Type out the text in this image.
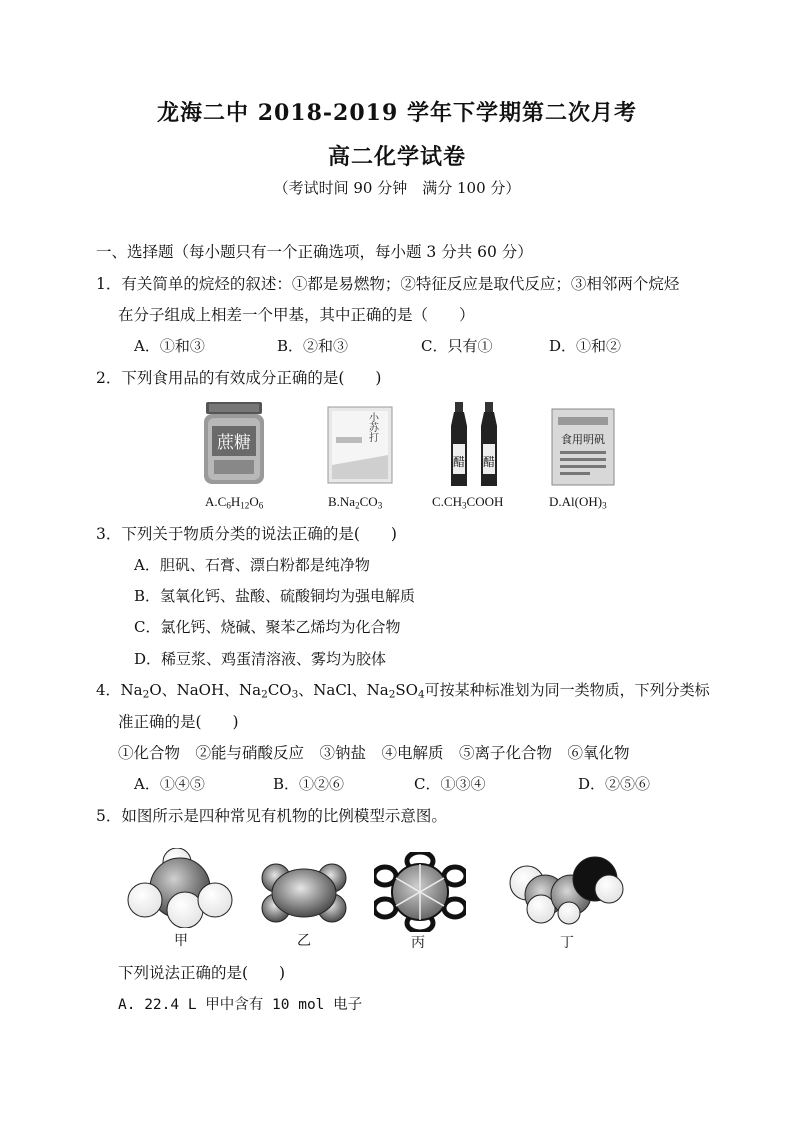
龙海二中 2018-2019 学年下学期第二次月考
高二化学试卷
（考试时间 90 分钟　满分 100 分）
一、选择题（每小题只有一个正确选项，每小题 3 分共 60 分）
1．有关简单的烷烃的叙述：①都是易燃物；②特征反应是取代反应；③相邻两个烷烃
在分子组成上相差一个甲基，其中正确的是（　　）
A．①和③	B．②和③	C．只有①	D．①和②
2．下列食用品的有效成分正确的是(　　)
蔗糖
小苏打
醋 醋
食用明矾
$A.C_6H_{12}O_6$	$B.Na_2CO_3$	$C.CH_3COOH$	$D.Al(OH)_3$
3．下列关于物质分类的说法正确的是(　　)
A．胆矾、石膏、漂白粉都是纯净物
B．氢氧化钙、盐酸、硫酸铜均为强电解质
C．氯化钙、烧碱、聚苯乙烯均为化合物
D．稀豆浆、鸡蛋清溶液、雾均为胶体
4．$Na_2O$、NaOH、$Na_2CO_3$、NaCl、$Na_2SO_4$可按某种标准划为同一类物质，下列分类标
准正确的是(　　)
①化合物　②能与硝酸反应　③钠盐　④电解质　⑤离子化合物　⑥氧化物
A．①④⑤	B．①②⑥	C．①③④	D．②⑤⑥
5．如图所示是四种常见有机物的比例模型示意图。
甲	乙	丙	丁
下列说法正确的是(　　)
A. 22.4 L 甲中含有 10 mol 电子
